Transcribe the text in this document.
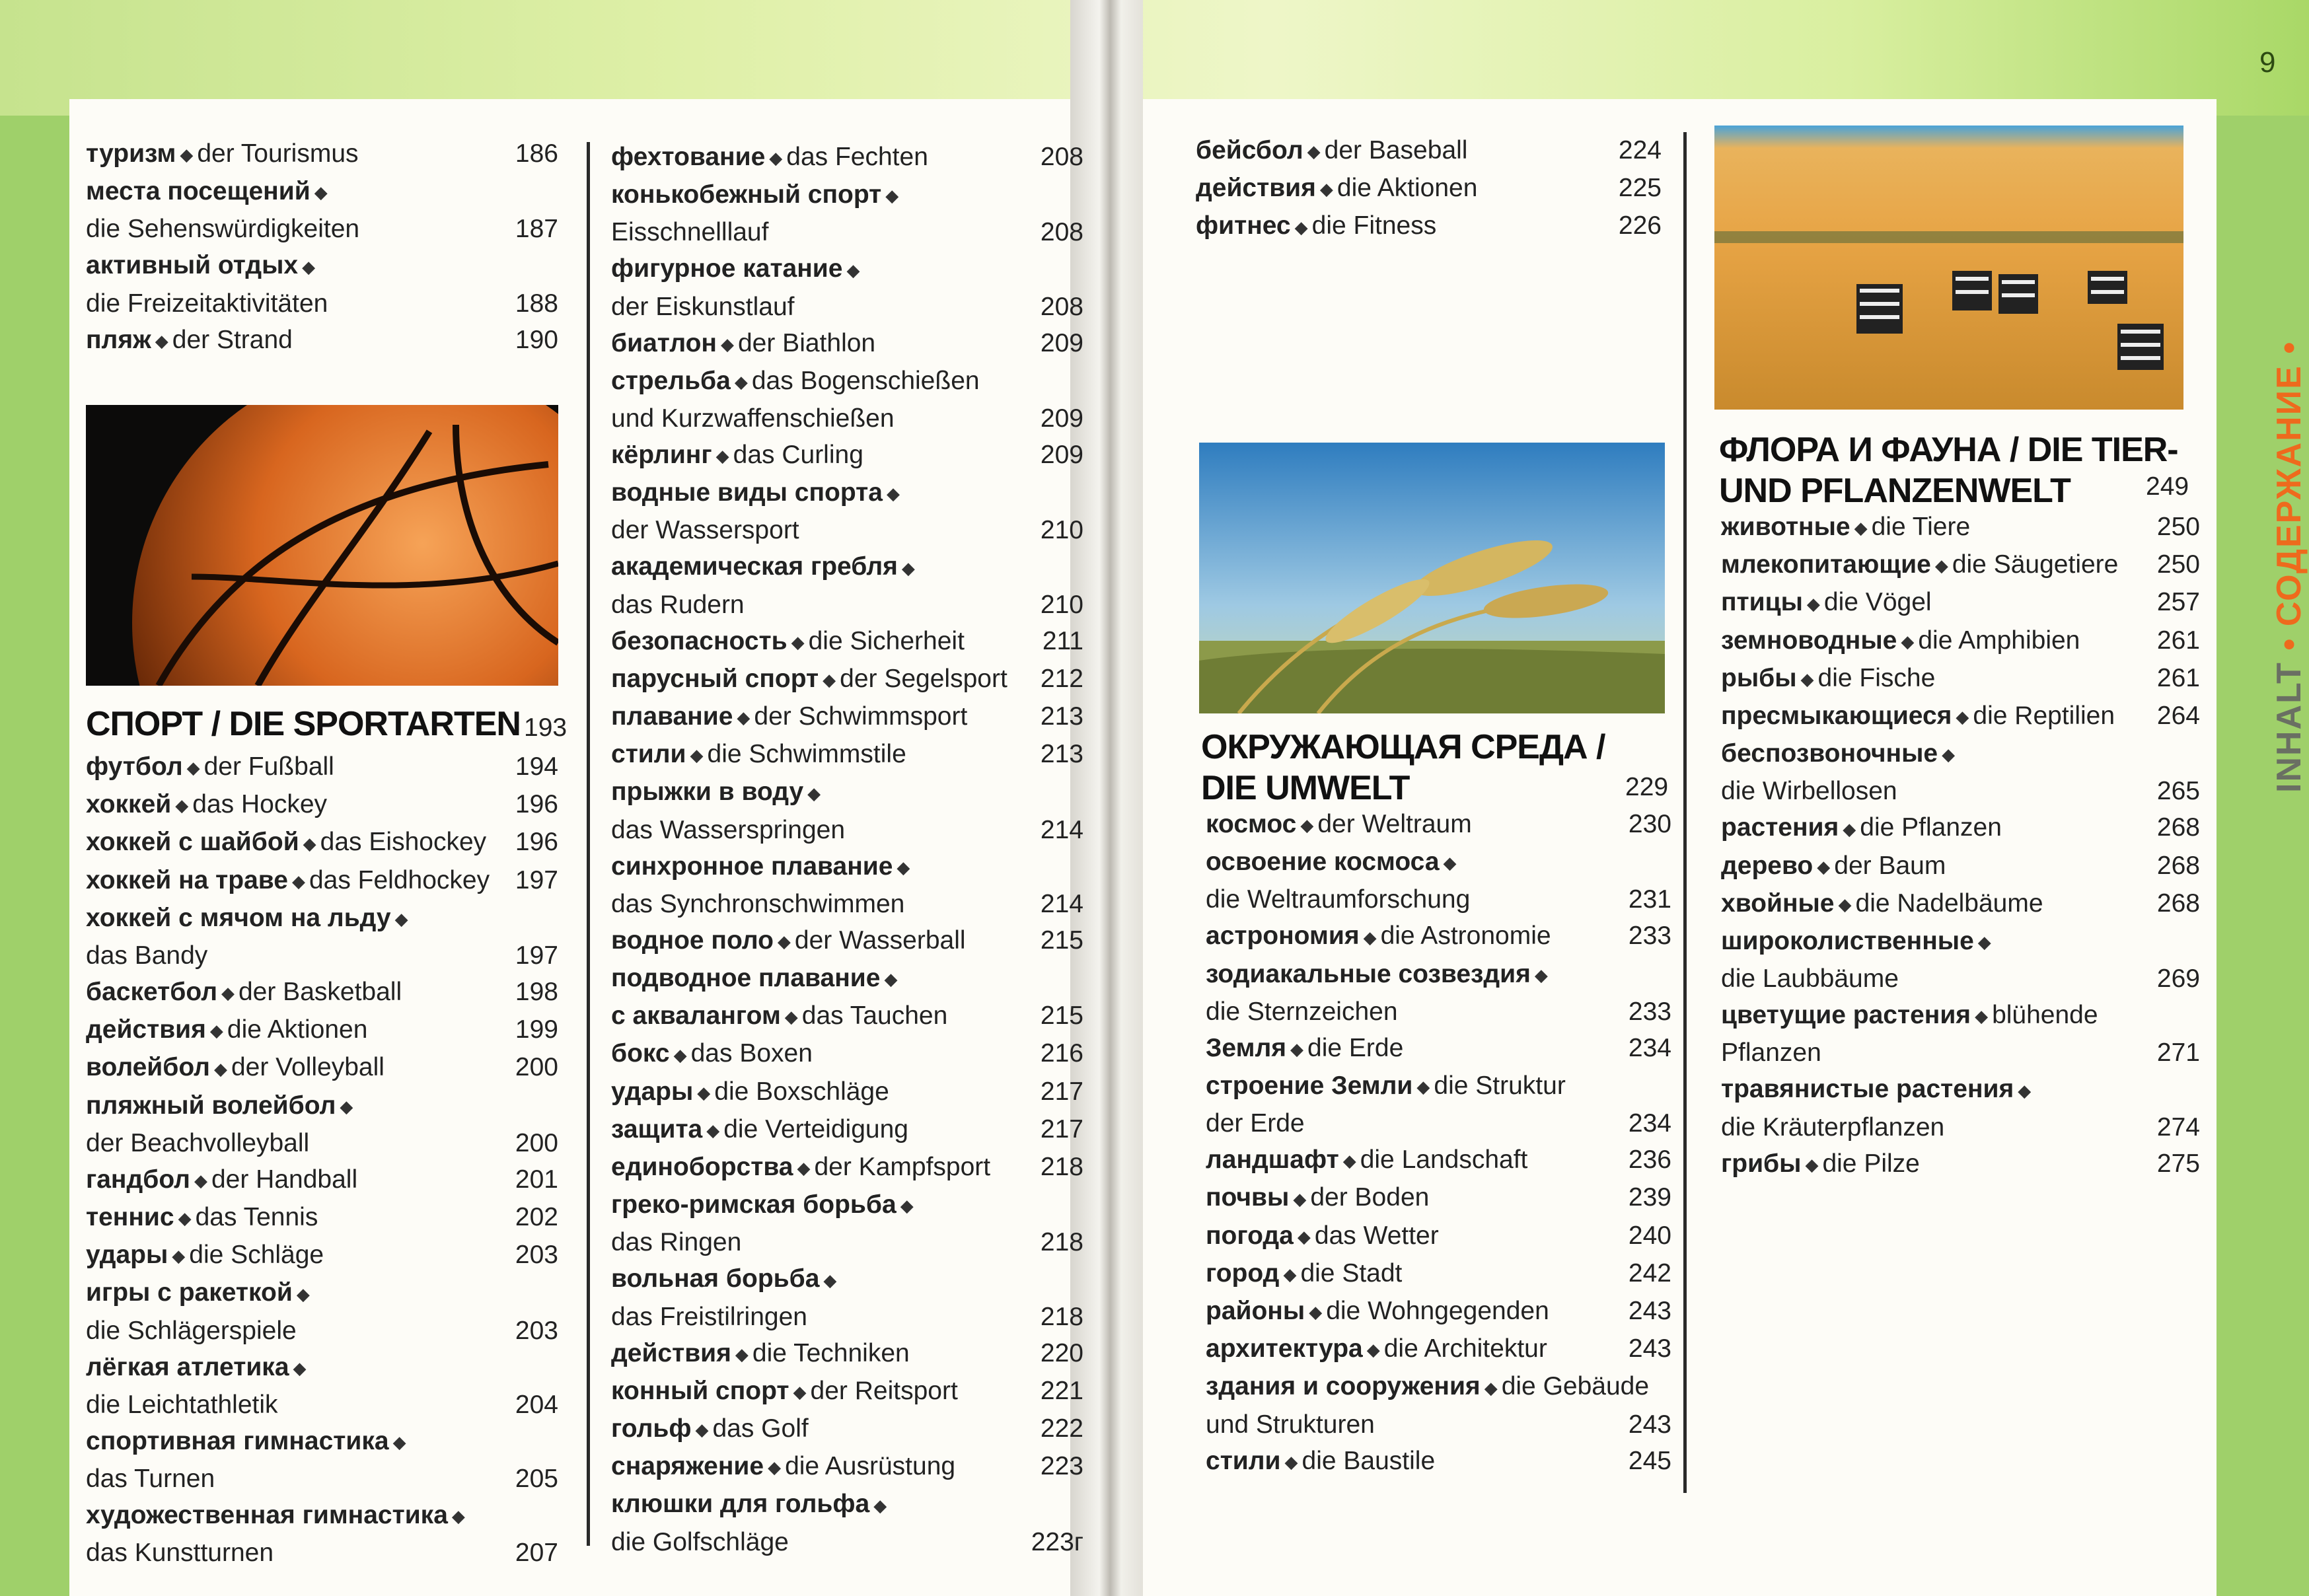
9
INHALT • СОДЕРЖАНИЕ •
туризм ◆ der Tourismus	186
места посещений ◆
die Sehenswürdigkeiten	187
активный отдых ◆
die Freizeitaktivitäten	188
пляж ◆ der Strand	190
СПОРТ / DIE SPORTARTEN 193
футбол ◆ der Fußball	194
хоккей ◆ das Hockey	196
хоккей с шайбой ◆ das Eishockey 196
хоккей на траве ◆ das Feldhockey 197
хоккей с мячом на льду ◆
das Bandy	197
баскетбол ◆ der Basketball	198
действия ◆ die Aktionen	199
волейбол ◆ der Volleyball	200
пляжный волейбол ◆
der Beachvolleyball	200
гандбол ◆ der Handball	201
теннис ◆ das Tennis	202
удары ◆ die Schläge	203
игры с ракеткой ◆
die Schlägerspiele	203
лёгкая атлетика ◆
die Leichtathletik	204
спортивная гимнастика ◆
das Turnen	205
художественная гимнастика ◆
das Kunstturnen	207
фехтование ◆ das Fechten	208
конькобежный спорт ◆
Eisschnelllauf	208
фигурное катание ◆
der Eiskunstlauf	208
биатлон ◆ der Biathlon	209
стрельба ◆ das Bogenschießen
und Kurzwaffenschießen	209
кёрлинг ◆ das Curling	209
водные виды спорта ◆
der Wassersport	210
академическая гребля ◆
das Rudern	210
безопасность ◆ die Sicherheit	211
парусный спорт ◆ der Segelsport 212
плавание ◆ der Schwimmsport	213
стили ◆ die Schwimmstile	213
прыжки в воду ◆
das Wasserspringen	214
синхронное плавание ◆
das Synchronschwimmen	214
водное поло ◆ der Wasserball	215
подводное плавание ◆
с аквалангом ◆ das Tauchen	215
бокс ◆ das Boxen	216
удары ◆ die Boxschläge	217
защита ◆ die Verteidigung	217
единоборства ◆ der Kampfsport 218
греко-римская борьба ◆
das Ringen	218
вольная борьба ◆
das Freistilringen	218
действия ◆ die Techniken	220
конный спорт ◆ der Reitsport	221
гольф ◆ das Golf	222
снаряжение ◆ die Ausrüstung	223
клюшки для гольфа ◆
die Golfschläge	223г
бейсбол ◆ der Baseball	224
действия ◆ die Aktionen	225
фитнес ◆ die Fitness	226
ОКРУЖАЮЩАЯ СРЕДА /
DIE UMWELT	229
космос ◆ der Weltraum	230
освоение космоса ◆
die Weltraumforschung	231
астрономия ◆ die Astronomie	233
зодиакальные созвездия ◆
die Sternzeichen	233
Земля ◆ die Erde	234
строение Земли ◆ die Struktur
der Erde	234
ландшафт ◆ die Landschaft	236
почвы ◆ der Boden	239
погода ◆ das Wetter	240
город ◆ die Stadt	242
районы ◆ die Wohngegenden	243
архитектура ◆ die Architektur	243
здания и сооружения ◆ die Gebäude
und Strukturen	243
стили ◆ die Baustile	245
ФЛОРА И ФАУНА / DIE TIER-
UND PFLANZENWELT	249
животные ◆ die Tiere	250
млекопитающие ◆ die Säugetiere 250
птицы ◆ die Vögel	257
земноводные ◆ die Amphibien	261
рыбы ◆ die Fische	261
пресмыкающиеся ◆ die Reptilien 264
беспозвоночные ◆
die Wirbellosen	265
растения ◆ die Pflanzen	268
дерево ◆ der Baum	268
хвойные ◆ die Nadelbäume	268
широколиственные ◆
die Laubbäume	269
цветущие растения ◆ blühende
Pflanzen	271
травянистые растения ◆
die Kräuterpflanzen	274
грибы ◆ die Pilze	275
